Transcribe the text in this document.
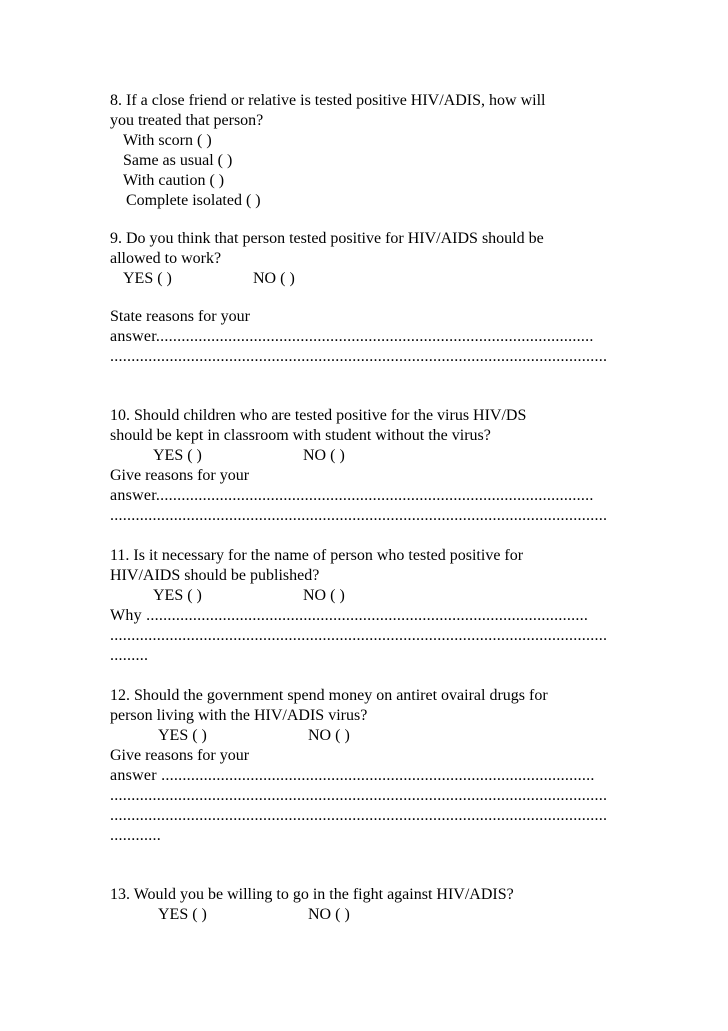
8. If a close friend or relative is tested positive HIV/ADIS, how will
you treated that person?
With scorn ( )
Same as usual ( )
With caution ( )
Complete isolated ( )
9. Do you think that person tested positive for HIV/AIDS should be
allowed to work?
YES ( )	NO ( )
State reasons for your
answer.......................................................................................................
.....................................................................................................................
10. Should children who are tested positive for the virus HIV/DS
should be kept in classroom with student without the virus?
YES ( )	NO ( )
Give reasons for your
answer.......................................................................................................
.....................................................................................................................
11. Is it necessary for the name of person who tested positive for
HIV/AIDS should be published?
YES ( )	NO ( )
Why ........................................................................................................
.....................................................................................................................
.........
12. Should the government spend money on antiret ovairal drugs for
person living with the HIV/ADIS virus?
YES ( )	NO ( )
Give reasons for your
answer ......................................................................................................
.....................................................................................................................
.....................................................................................................................
............
13. Would you be willing to go in the fight against HIV/ADIS?
YES ( )	NO ( )
